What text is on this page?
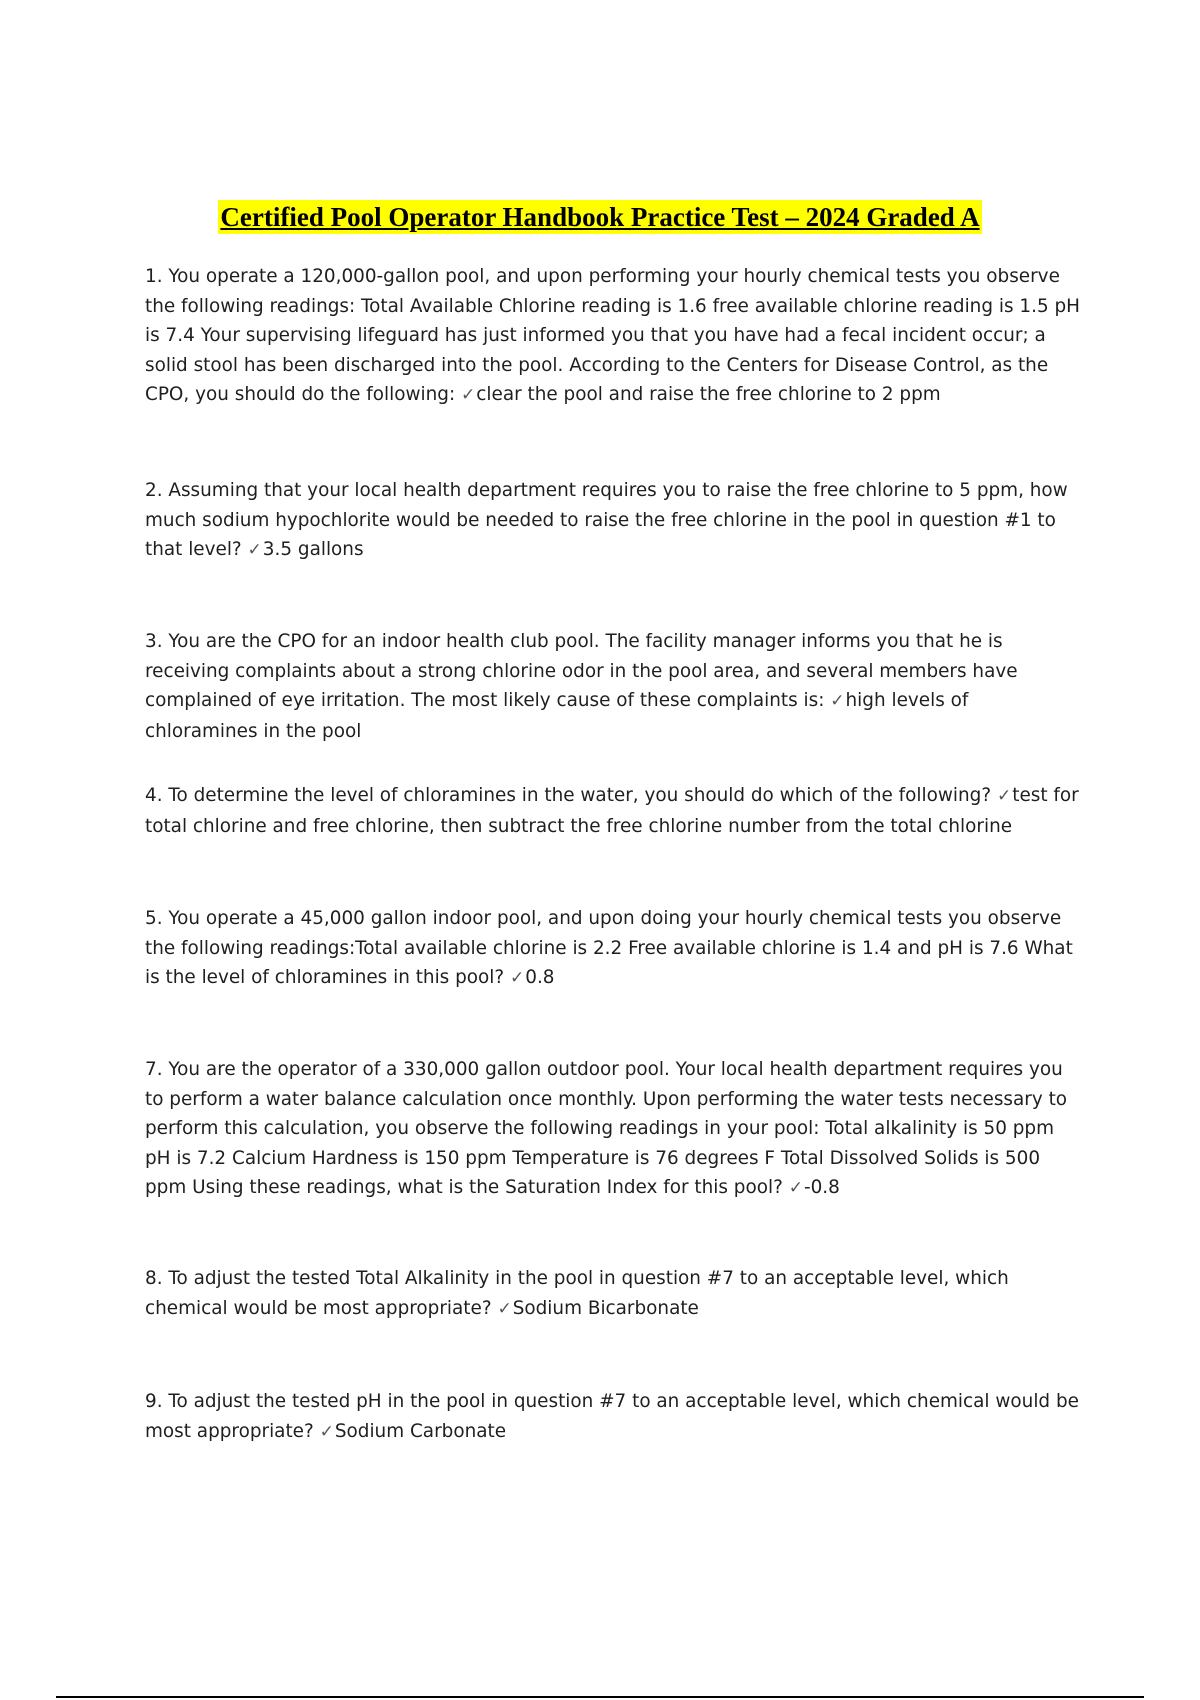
Certified Pool Operator Handbook Practice Test – 2024 Graded A

1. You operate a 120,000-gallon pool, and upon performing your hourly chemical tests you observe the following readings: Total Available Chlorine reading is 1.6 free available chlorine reading is 1.5 pH is 7.4 Your supervising lifeguard has just informed you that you have had a fecal incident occur; a solid stool has been discharged into the pool. According to the Centers for Disease Control, as the CPO, you should do the following: ✓clear the pool and raise the free chlorine to 2 ppm

2. Assuming that your local health department requires you to raise the free chlorine to 5 ppm, how much sodium hypochlorite would be needed to raise the free chlorine in the pool in question #1 to that level? ✓3.5 gallons

3. You are the CPO for an indoor health club pool. The facility manager informs you that he is receiving complaints about a strong chlorine odor in the pool area, and several members have complained of eye irritation. The most likely cause of these complaints is: ✓high levels of chloramines in the pool

4. To determine the level of chloramines in the water, you should do which of the following? ✓test for total chlorine and free chlorine, then subtract the free chlorine number from the total chlorine

5. You operate a 45,000 gallon indoor pool, and upon doing your hourly chemical tests you observe the following readings:Total available chlorine is 2.2 Free available chlorine is 1.4 and pH is 7.6 What is the level of chloramines in this pool? ✓0.8

7. You are the operator of a 330,000 gallon outdoor pool. Your local health department requires you to perform a water balance calculation once monthly. Upon performing the water tests necessary to perform this calculation, you observe the following readings in your pool: Total alkalinity is 50 ppm pH is 7.2 Calcium Hardness is 150 ppm Temperature is 76 degrees F Total Dissolved Solids is 500 ppm Using these readings, what is the Saturation Index for this pool? ✓-0.8

8. To adjust the tested Total Alkalinity in the pool in question #7 to an acceptable level, which chemical would be most appropriate? ✓Sodium Bicarbonate

9. To adjust the tested pH in the pool in question #7 to an acceptable level, which chemical would be most appropriate? ✓Sodium Carbonate
